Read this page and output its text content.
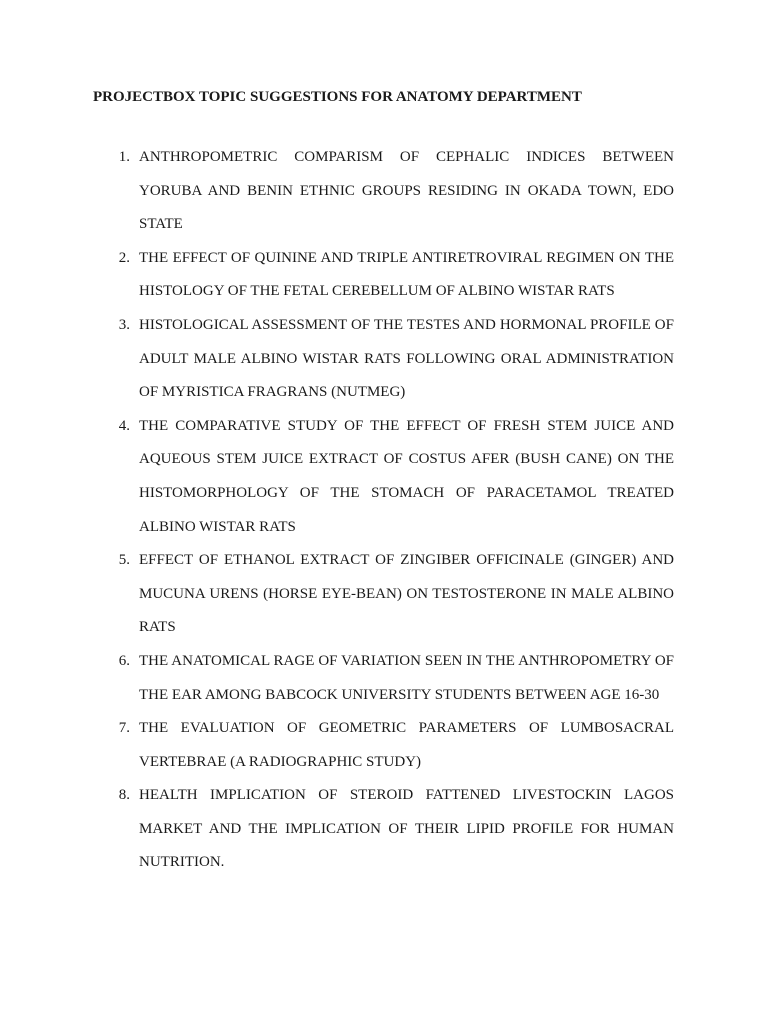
PROJECTBOX TOPIC SUGGESTIONS FOR ANATOMY DEPARTMENT
1. ANTHROPOMETRIC COMPARISM OF CEPHALIC INDICES BETWEEN YORUBA AND BENIN ETHNIC GROUPS RESIDING IN OKADA TOWN, EDO STATE
2. THE EFFECT OF QUININE AND TRIPLE ANTIRETROVIRAL REGIMEN ON THE HISTOLOGY OF THE FETAL CEREBELLUM OF ALBINO WISTAR RATS
3. HISTOLOGICAL ASSESSMENT OF THE TESTES AND HORMONAL PROFILE OF ADULT MALE ALBINO WISTAR RATS FOLLOWING ORAL ADMINISTRATION OF MYRISTICA FRAGRANS (NUTMEG)
4. THE COMPARATIVE STUDY OF THE EFFECT OF FRESH STEM JUICE AND AQUEOUS STEM JUICE EXTRACT OF COSTUS AFER (BUSH CANE) ON THE HISTOMORPHOLOGY OF THE STOMACH OF PARACETAMOL TREATED ALBINO WISTAR RATS
5. EFFECT OF ETHANOL EXTRACT OF ZINGIBER OFFICINALE (GINGER) AND MUCUNA URENS (HORSE EYE-BEAN) ON TESTOSTERONE IN MALE ALBINO RATS
6. THE ANATOMICAL RAGE OF VARIATION SEEN IN THE ANTHROPOMETRY OF THE EAR AMONG BABCOCK UNIVERSITY STUDENTS BETWEEN AGE 16-30
7. THE EVALUATION OF GEOMETRIC PARAMETERS OF LUMBOSACRAL VERTEBRAE (A RADIOGRAPHIC STUDY)
8. HEALTH IMPLICATION OF STEROID FATTENED LIVESTOCKIN LAGOS MARKET AND THE IMPLICATION OF THEIR LIPID PROFILE FOR HUMAN NUTRITION.
